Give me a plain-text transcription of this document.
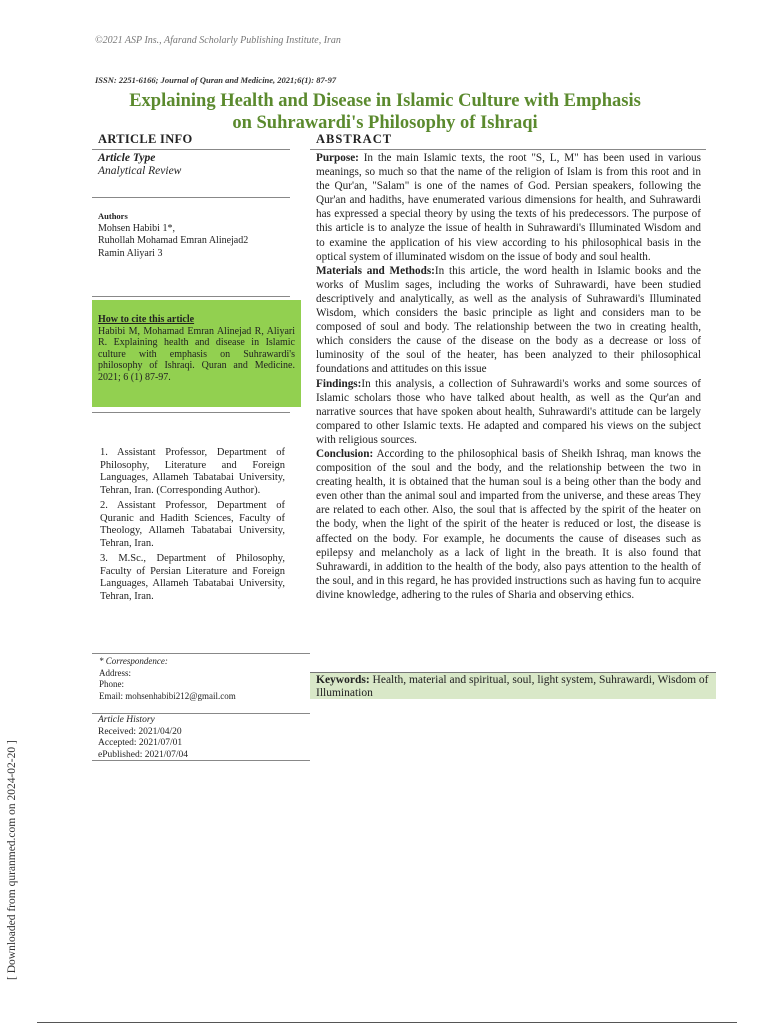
©2021 ASP Ins., Afarand Scholarly Publishing Institute, Iran
ISSN: 2251-6166; Journal of Quran and Medicine, 2021;6(1): 87-97
Explaining Health and Disease in Islamic Culture with Emphasis
on Suhrawardi's Philosophy of Ishraqi
ARTICLE INFO	ABSTRACT
Article Type
Analytical Review
Authors
Mohsen Habibi 1*,
Ruhollah Mohamad Emran Alinejad2
Ramin Aliyari 3
How to cite this article
Habibi M, Mohamad Emran Alinejad R, Aliyari R. Explaining health and disease in Islamic culture with emphasis on Suhrawardi's philosophy of Ishraqi. Quran and Medicine. 2021; 6 (1) 87-97.

1. Assistant Professor, Department of Philosophy, Literature and Foreign Languages, Allameh Tabatabai University, Tehran, Iran. (Corresponding Author).

2. Assistant Professor, Department of Quranic and Hadith Sciences, Faculty of Theology, Allameh Tabatabai University, Tehran, Iran.

3. M.Sc., Department of Philosophy, Faculty of Persian Literature and Foreign Languages, Allameh Tabatabai University, Tehran, Iran.

* Correspondence:
Address:
Phone:
Email: mohsenhabibi212@gmail.com
Article History
Received: 2021/04/20
Accepted: 2021/07/01
ePublished: 2021/07/04

Purpose: In the main Islamic texts, the root "S, L, M" has been used in various meanings, so much so that the name of the religion of Islam is from this root and in the Qur'an, "Salam" is one of the names of God. Persian speakers, following the Qur'an and hadiths, have enumerated various dimensions for health, and Suhrawardi has expressed a special theory by using the texts of his predecessors. The purpose of this article is to analyze the issue of health in Suhrawardi's Illuminated Wisdom and to examine the application of his view according to his philosophical basis in the optical system of illuminated wisdom on the issue of body and soul health.

Materials and Methods:In this article, the word health in Islamic books and the works of Muslim sages, including the works of Suhrawardi, have been studied descriptively and analytically, as well as the analysis of Suhrawardi's Illuminated Wisdom, which considers the basic principle as light and considers man to be composed of soul and body. The relationship between the two in creating health, which considers the cause of the disease on the body as a decrease or loss of luminosity of the soul of the heater, has been analyzed to their philosophical foundations and attitudes on this issue

Findings:In this analysis, a collection of Suhrawardi's works and some sources of Islamic scholars those who have talked about health, as well as the Qur'an and narrative sources that have spoken about health, Suhrawardi's attitude can be largely compared to other Islamic texts. He adapted and compared his views on the subject with religious sources.

Conclusion: According to the philosophical basis of Sheikh Ishraq, man knows the composition of the soul and the body, and the relationship between the two in creating health, it is obtained that the human soul is a being other than the body and even other than the animal soul and imparted from the universe, and these areas They are related to each other. Also, the soul that is affected by the spirit of the heater on the body, when the light of the spirit of the heater is reduced or lost, the disease is affected on the body. For example, he documents the cause of diseases such as epilepsy and melancholy as a lack of light in the breath. It is also found that Suhrawardi, in addition to the health of the body, also pays attention to the health of the soul, and in this regard, he has provided instructions such as having fun to acquire divine knowledge, adhering to the rules of Sharia and observing ethics.

Keywords: Health, material and spiritual, soul, light system, Suhrawardi, Wisdom of Illumination
[ Downloaded from quranmed.com on 2024-02-20 ]
